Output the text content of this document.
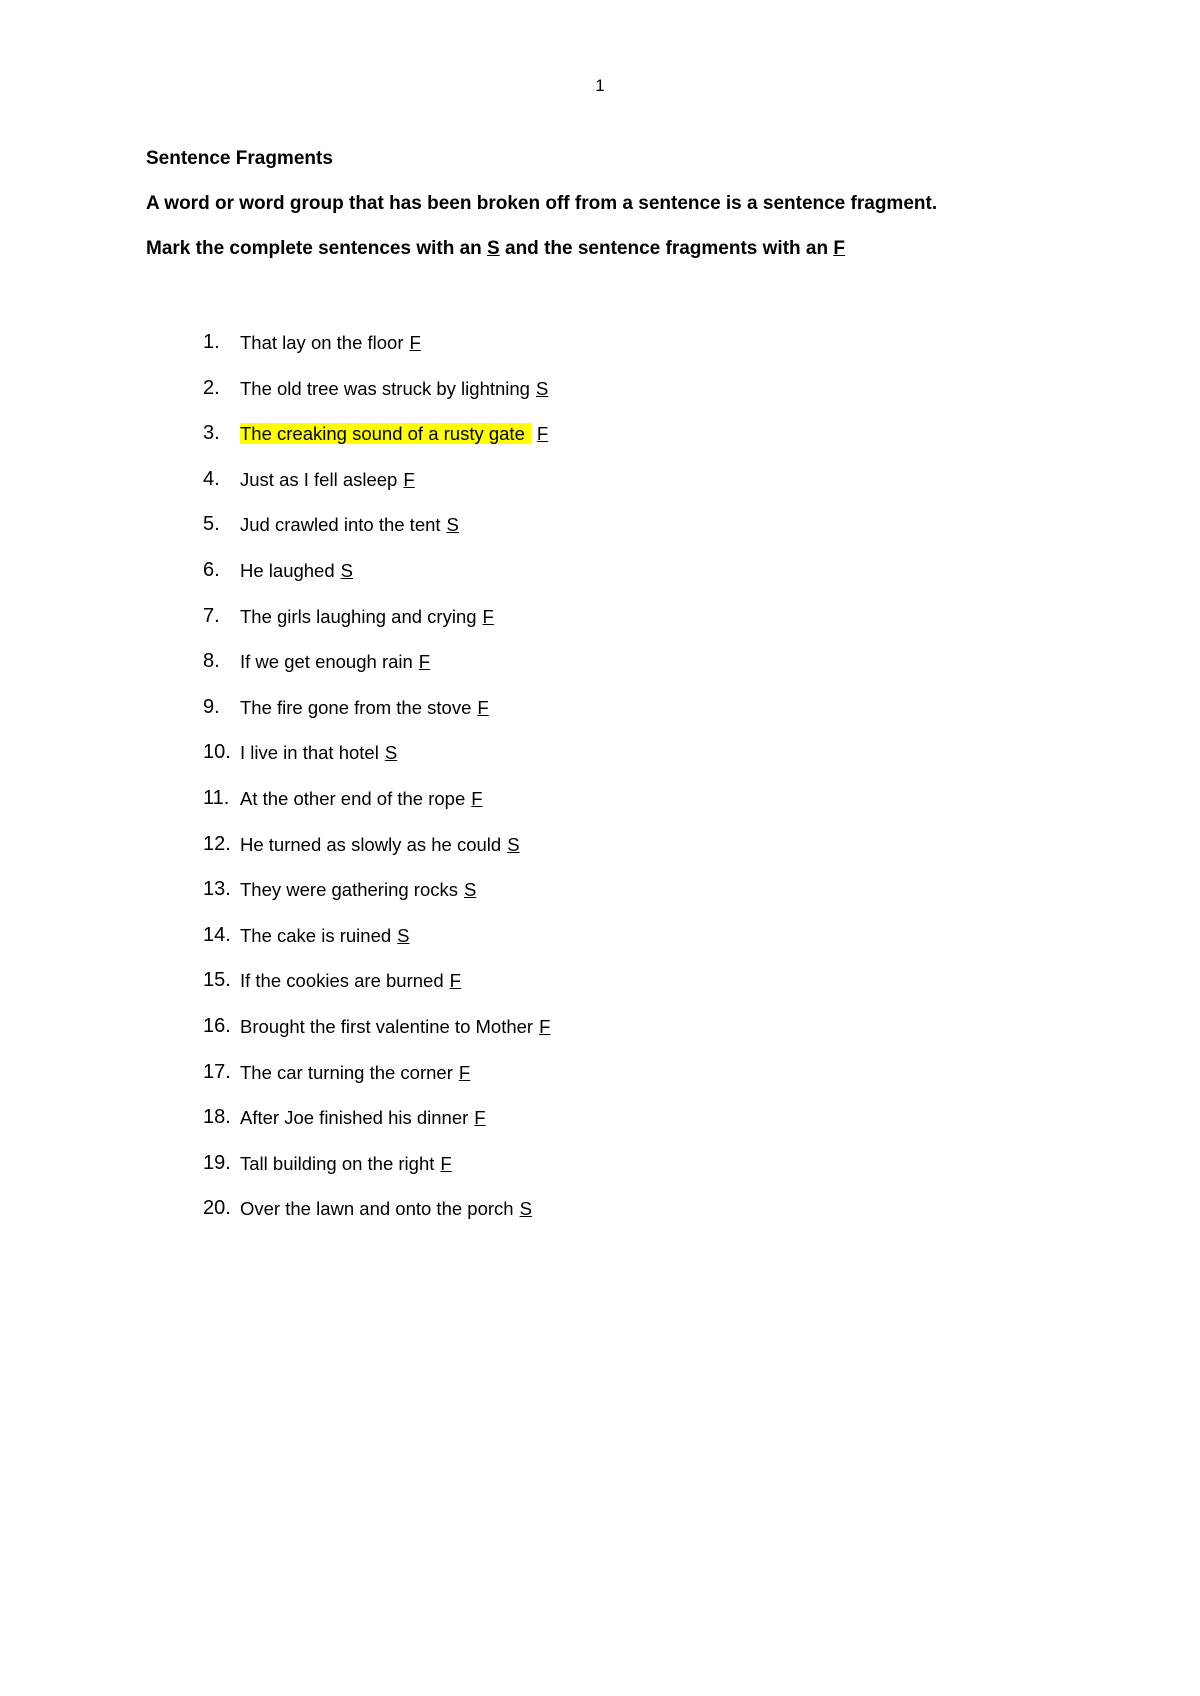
1
Sentence Fragments
A word or word group that has been broken off from a sentence is a sentence fragment.
Mark the complete sentences with an S and the sentence fragments with an F
1. That lay on the floor F
2. The old tree was struck by lightning S
3. The creaking sound of a rusty gate F
4. Just as I fell asleep F
5. Jud crawled into the tent S
6. He laughed S
7. The girls laughing and crying F
8. If we get enough rain F
9. The fire gone from the stove F
10. I live in that hotel S
11. At the other end of the rope F
12. He turned as slowly as he could S
13. They were gathering rocks S
14. The cake is ruined S
15. If the cookies are burned F
16. Brought the first valentine to Mother F
17. The car turning the corner F
18. After Joe finished his dinner F
19. Tall building on the right F
20. Over the lawn and onto the porch S
